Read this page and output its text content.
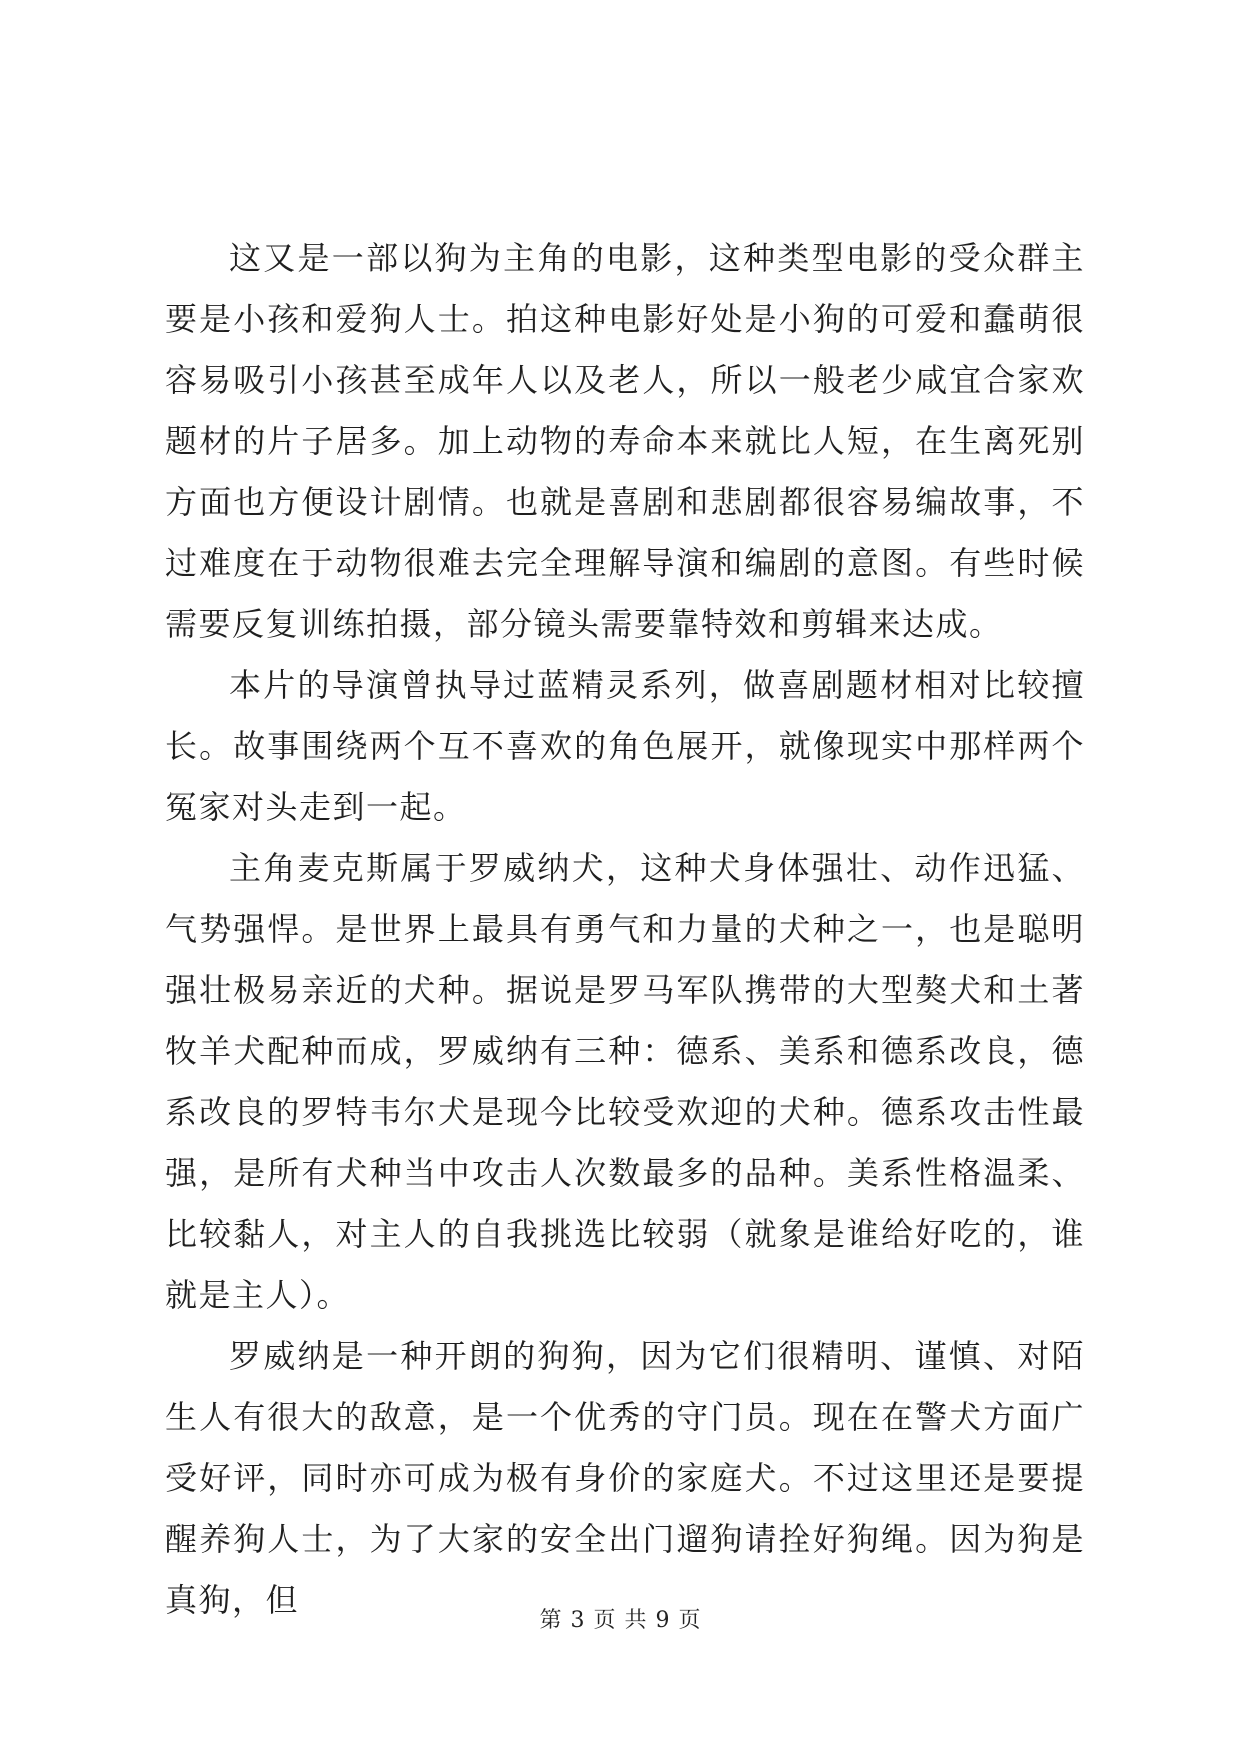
这又是一部以狗为主角的电影，这种类型电影的受众群主要是小孩和爱狗人士。拍这种电影好处是小狗的可爱和蠢萌很容易吸引小孩甚至成年人以及老人，所以一般老少咸宜合家欢题材的片子居多。加上动物的寿命本来就比人短，在生离死别方面也方便设计剧情。也就是喜剧和悲剧都很容易编故事，不过难度在于动物很难去完全理解导演和编剧的意图。有些时候需要反复训练拍摄，部分镜头需要靠特效和剪辑来达成。

本片的导演曾执导过蓝精灵系列，做喜剧题材相对比较擅长。故事围绕两个互不喜欢的角色展开，就像现实中那样两个冤家对头走到一起。

主角麦克斯属于罗威纳犬，这种犬身体强壮、动作迅猛、气势强悍。是世界上最具有勇气和力量的犬种之一，也是聪明强壮极易亲近的犬种。据说是罗马军队携带的大型獒犬和土著牧羊犬配种而成，罗威纳有三种：德系、美系和德系改良，德系改良的罗特韦尔犬是现今比较受欢迎的犬种。德系攻击性最强，是所有犬种当中攻击人次数最多的品种。美系性格温柔、比较黏人，对主人的自我挑选比较弱（就象是谁给好吃的，谁就是主人）。

罗威纳是一种开朗的狗狗，因为它们很精明、谨慎、对陌生人有很大的敌意，是一个优秀的守门员。现在在警犬方面广受好评，同时亦可成为极有身价的家庭犬。不过这里还是要提醒养狗人士，为了大家的安全出门遛狗请拴好狗绳。因为狗是真狗，但

第 3 页 共 9 页
